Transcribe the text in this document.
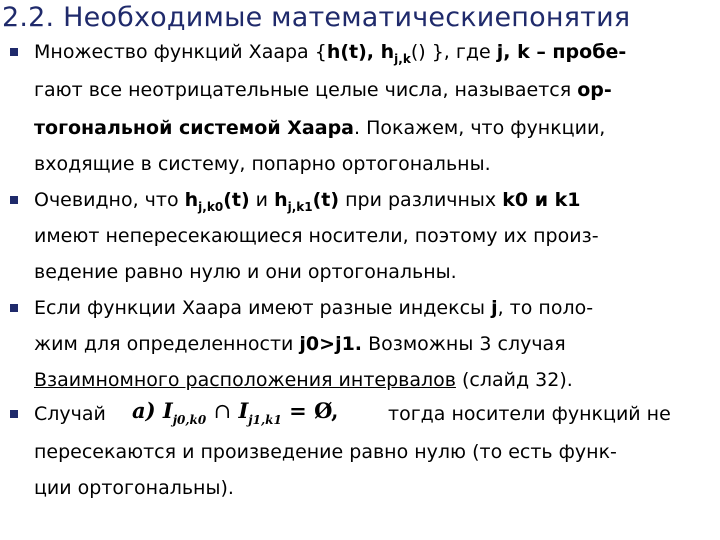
2.2. Необходимые математическиепонятия
Множество функций Хаара {h(t), $h_{j,k}()$ }, где j, k – пробе-
гают все неотрицательные целые числа, называется ор-
тогональной системой Хаара. Покажем, что функции,
входящие в систему, попарно ортогональны.
Очевидно, что $h_{j,k0}(t)$ и $h_{j,k1}(t)$ при различных k0 и k1
имеют непересекающиеся носители, поэтому их произ-
ведение равно нулю и они ортогональны.
Если функции Хаара имеют разные индексы j, то поло-
жим для определенности j0>j1. Возможны 3 случая
Взаимномного расположения интервалов (слайд 32).
Случай a) $I_{j0,k0}$ ∩ $I_{j1,k1}$ = Ø,	тогда носители функций не
пересекаются и произведение равно нулю (то есть функ-
ции ортогональны).
